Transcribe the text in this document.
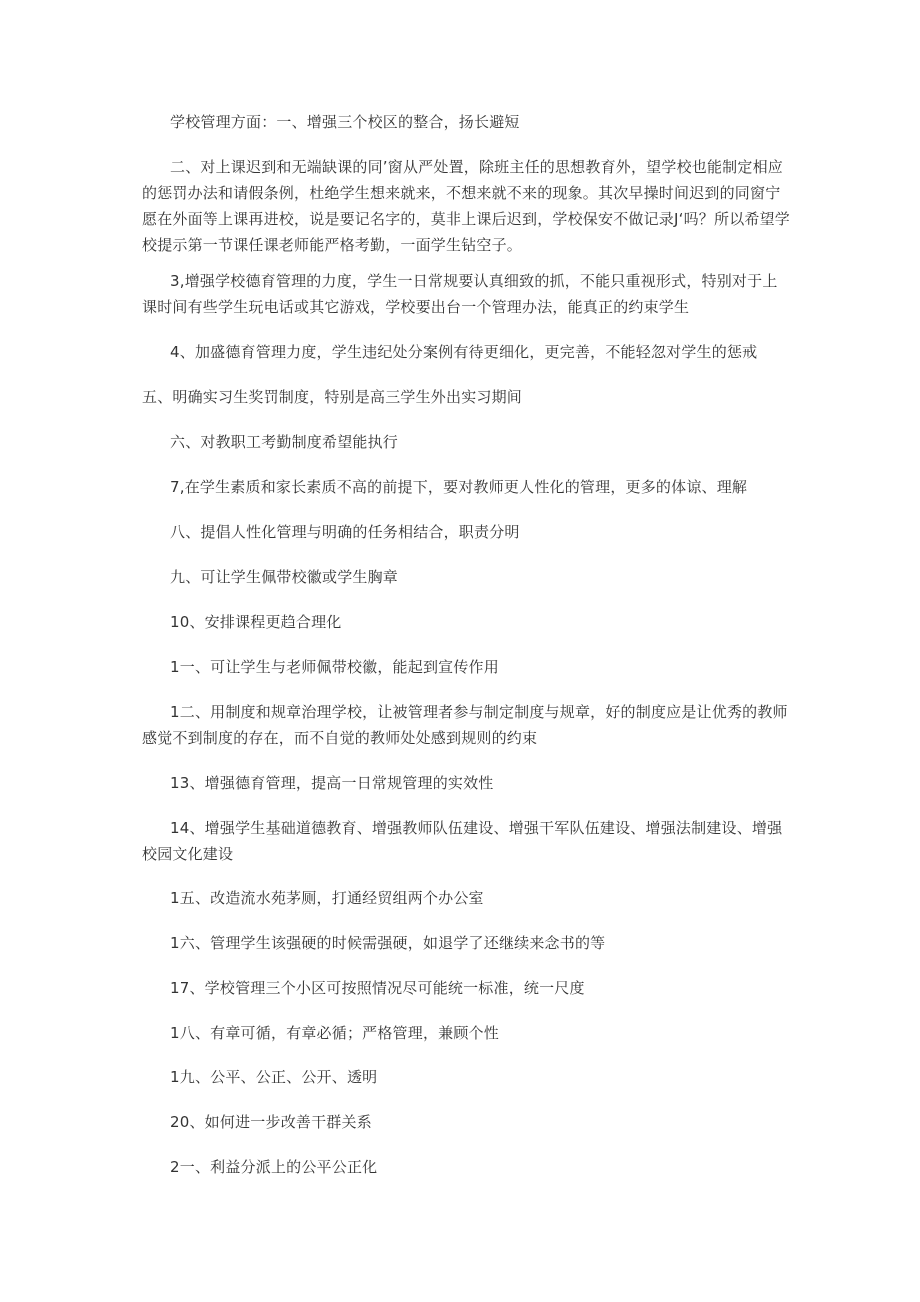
学校管理方面：一、增强三个校区的整合，扬长避短

二、对上课迟到和无端缺课的同’窗从严处置，除班主任的思想教育外，望学校也能制定相应的惩罚办法和请假条例，杜绝学生想来就来，不想来就不来的现象。其次早操时间迟到的同窗宁愿在外面等上课再进校，说是要记名字的，莫非上课后迟到，学校保安不做记录J‘吗？所以希望学校提示第一节课任课老师能严格考勤，一面学生钻空子。

3,增强学校德育管理的力度，学生一日常规要认真细致的抓，不能只重视形式，特别对于上课时间有些学生玩电话或其它游戏，学校要出台一个管理办法，能真正的约束学生

4、加盛德育管理力度，学生违纪处分案例有待更细化，更完善，不能轻忽对学生的惩戒

五、明确实习生奖罚制度，特别是高三学生外出实习期间

六、对教职工考勤制度希望能执行

7,在学生素质和家长素质不高的前提下，要对教师更人性化的管理，更多的体谅、理解

八、提倡人性化管理与明确的任务相结合，职责分明

九、可让学生佩带校徽或学生胸章

10、安排课程更趋合理化

1一、可让学生与老师佩带校徽，能起到宣传作用

1二、用制度和规章治理学校，让被管理者参与制定制度与规章，好的制度应是让优秀的教师感觉不到制度的存在，而不自觉的教师处处感到规则的约束

13、增强德育管理，提高一日常规管理的实效性

14、增强学生基础道德教育、增强教师队伍建设、增强干军队伍建设、增强法制建设、增强校园文化建设

1五、改造流水苑茅厕，打通经贸组两个办公室

1六、管理学生该强硬的时候需强硬，如退学了还继续来念书的等

17、学校管理三个小区可按照情况尽可能统一标准，统一尺度

1八、有章可循，有章必循；严格管理，兼顾个性

1九、公平、公正、公开、透明

20、如何进一步改善干群关系

2一、利益分派上的公平公正化
